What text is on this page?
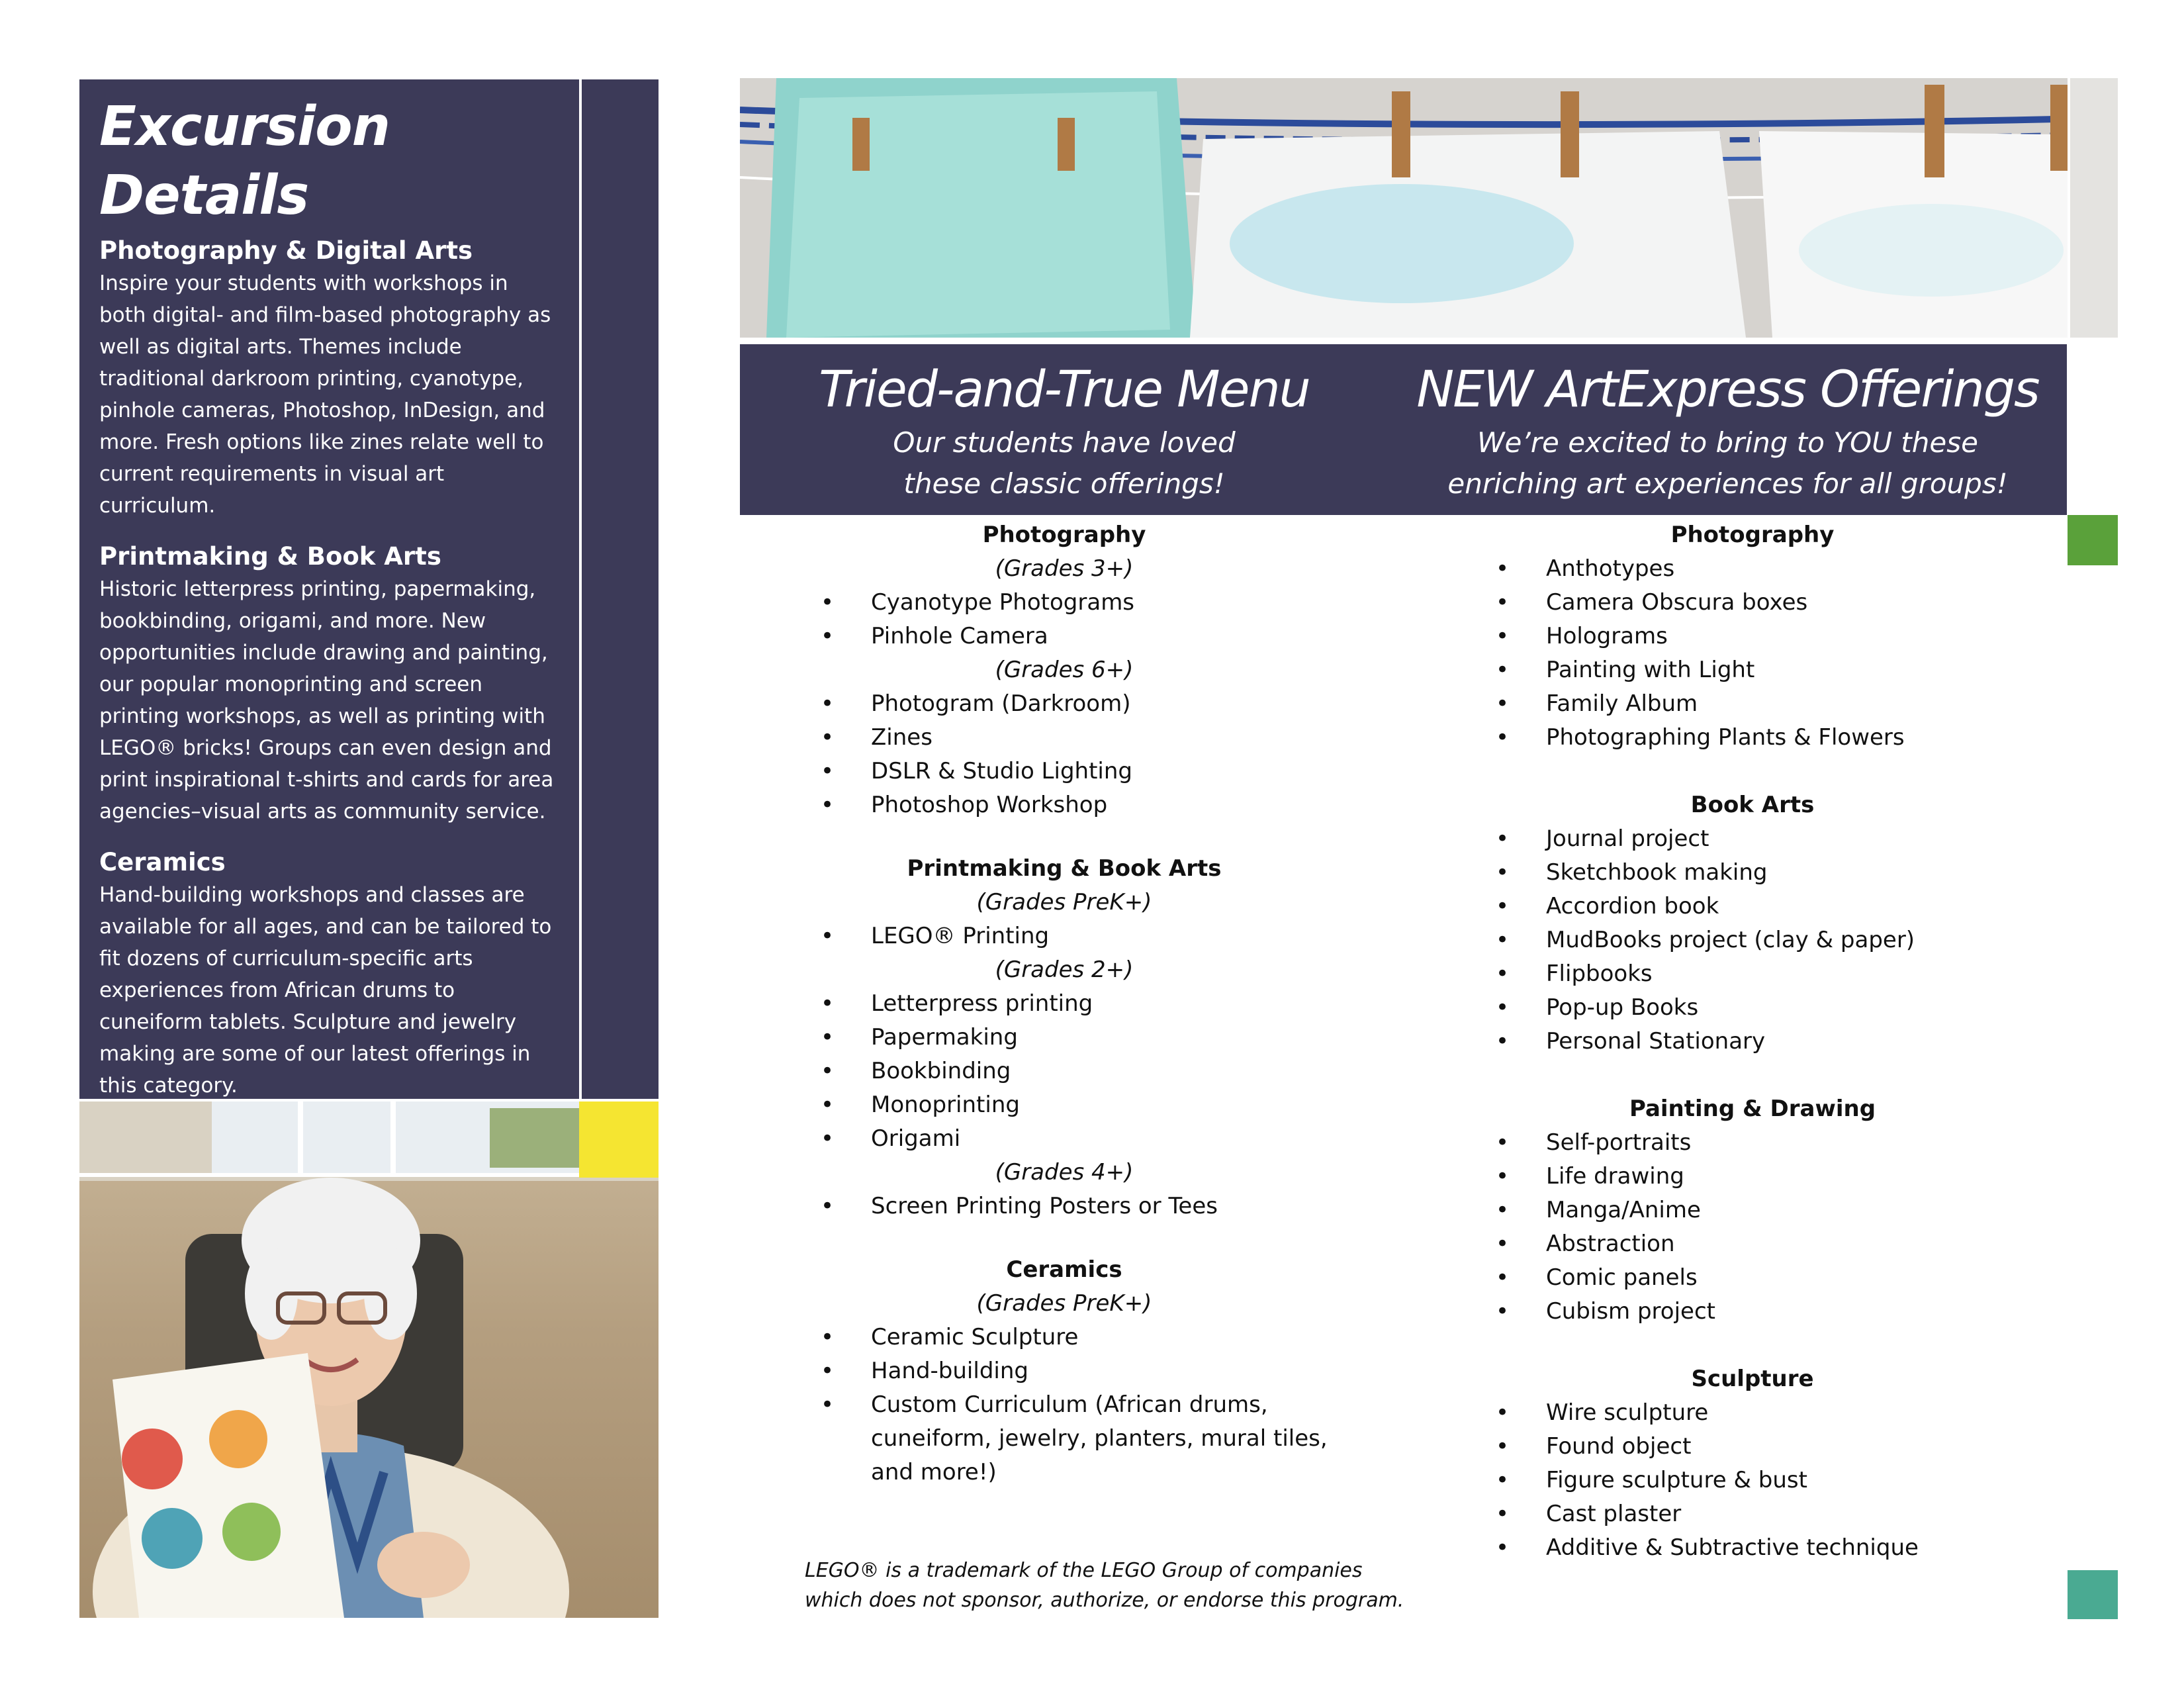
Excursion Details
Photography & Digital Arts

Inspire your students with workshops in both digital- and film-based photography as well as digital arts. Themes include traditional darkroom printing, cyanotype, pinhole cameras, Photoshop, InDesign, and more. Fresh options like zines relate well to current requirements in visual art curriculum.

Printmaking & Book Arts

Historic letterpress printing, papermaking, bookbinding, origami, and more. New opportunities include drawing and painting, our popular monoprinting and screen printing workshops, as well as printing with LEGO® bricks! Groups can even design and print inspirational t-shirts and cards for area agencies–visual arts as community service.

Ceramics

Hand-building workshops and classes are available for all ages, and can be tailored to fit dozens of curriculum-specific arts experiences from African drums to cuneiform tablets. Sculpture and jewelry making are some of our latest offerings in this category.

Tried-and-True Menu
Our students have loved
these classic offerings!
NEW ArtExpress Offerings
We’re excited to bring to YOU these
enriching art experiences for all groups!
Photography
(Grades 3+)
• Cyanotype Photograms
• Pinhole Camera
(Grades 6+)
• Photogram (Darkroom)
• Zines
• DSLR & Studio Lighting
• Photoshop Workshop
Printmaking & Book Arts
(Grades PreK+)
• LEGO® Printing
(Grades 2+)
• Letterpress printing
• Papermaking
• Bookbinding
• Monoprinting
• Origami
(Grades 4+)
• Screen Printing Posters or Tees
Ceramics
(Grades PreK+)
• Ceramic Sculpture
• Hand-building
• Custom Curriculum (African drums,
cuneiform, jewelry, planters, mural tiles,
and more!)
Photography
• Anthotypes
• Camera Obscura boxes
• Holograms
• Painting with Light
• Family Album
• Photographing Plants & Flowers
Book Arts
• Journal project
• Sketchbook making
• Accordion book
• MudBooks project (clay & paper)
• Flipbooks
• Pop-up Books
• Personal Stationary
Painting & Drawing
• Self-portraits
• Life drawing
• Manga/Anime
• Abstraction
• Comic panels
• Cubism project
Sculpture
• Wire sculpture
• Found object
• Figure sculpture & bust
• Cast plaster
• Additive & Subtractive technique
LEGO® is a trademark of the LEGO Group of companies
which does not sponsor, authorize, or endorse this program.
